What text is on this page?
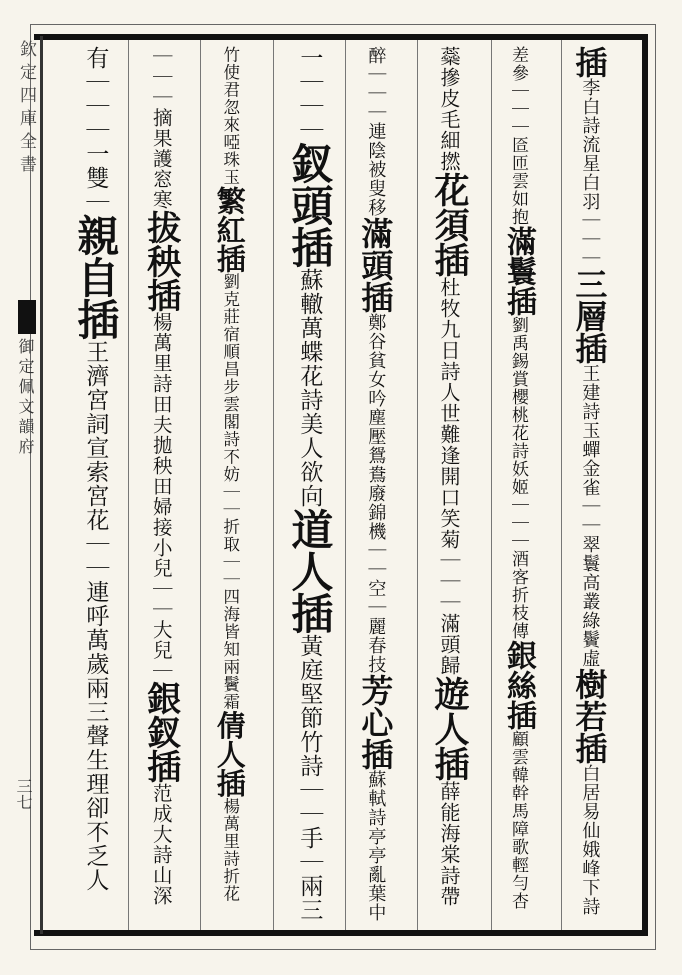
欽定四庫全書
御定佩文韻府
三七
插李白詩流星白羽｜｜｜三層插王建詩玉蟬金雀｜｜翠鬟高叢綠鬢虛樹若插白居易仙娥峰下詩
差參｜｜｜匼匝雲如抱滿鬟插劉禹錫賞櫻桃花詩妖姬｜｜｜酒客折枝傳銀絲插顧雲韓幹馬障歌輕勻杏
蘂摻皮毛細撚花須插杜牧九日詩人世難逢開口笑菊｜｜｜滿頭歸遊人插薛能海棠詩帶
醉｜｜｜連陰被叟移滿頭插鄭谷貧女吟塵壓鴛鴦廢錦機｜｜空｜麗春技芳心插蘇軾詩亭亭亂葉中
一｜｜｜釵頭插蘇轍萬蝶花詩美人欲向道人插黃庭堅節竹詩｜｜手｜兩三
竹使君忽來啞珠玉繁紅插劉克莊宿順昌步雲閣詩不妨｜｜折取｜｜四海皆知兩鬢霜倩人插楊萬里詩折花
｜｜｜摘果護窓寒拔秧插楊萬里詩田夫拋秧田婦接小兒｜｜大兒｜銀釵插范成大詩山深
有｜｜｜一雙｜親自插王濟宮詞宣索宮花｜｜連呼萬歲兩三聲生理卻不乏人
